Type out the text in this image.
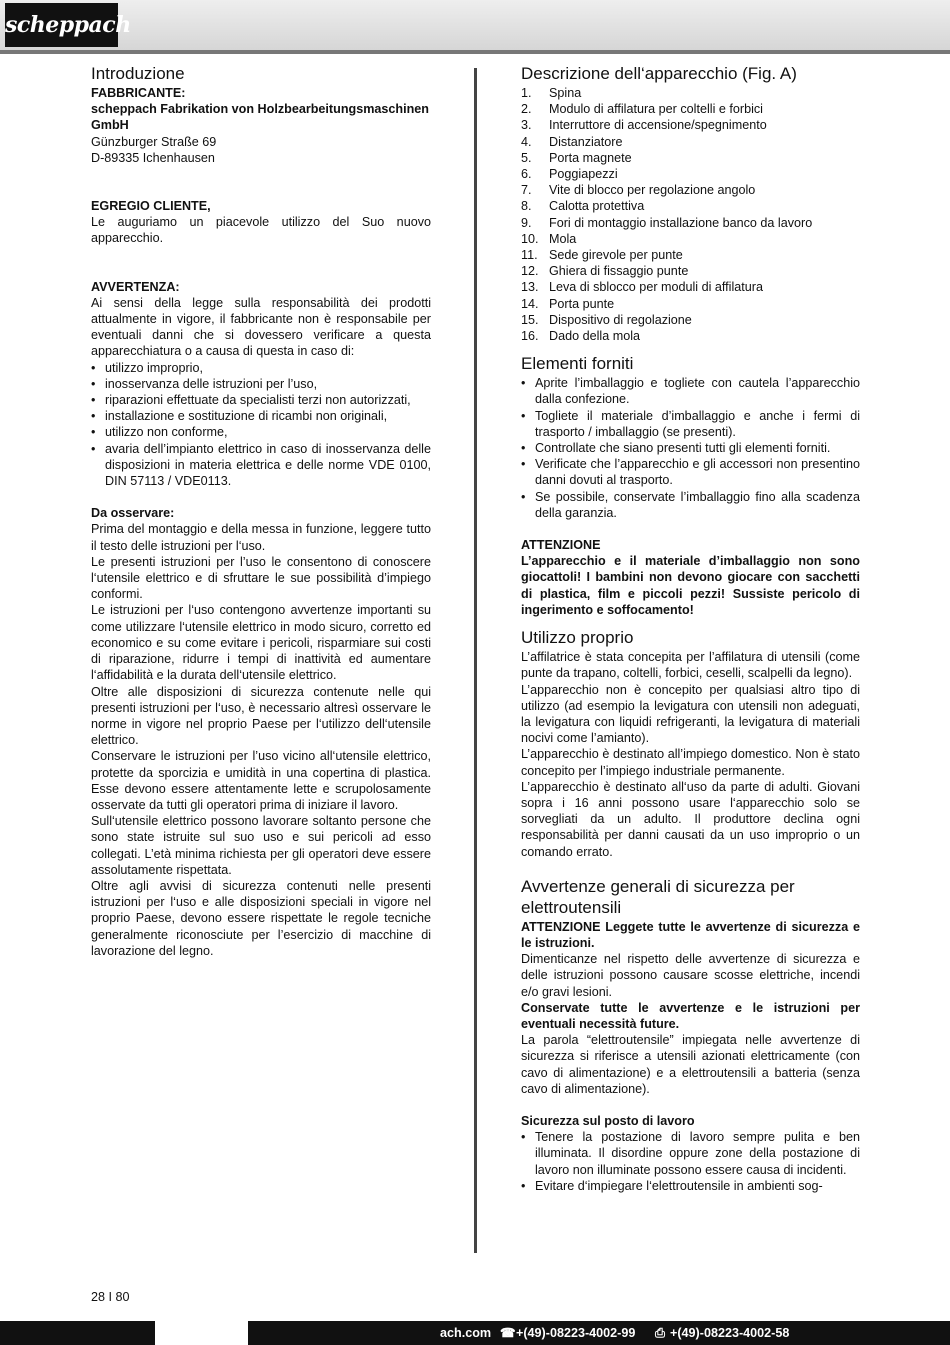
scheppach
Introduzione

FABBRICANTE:

scheppach Fabrikation von Holzbearbeitungsmaschinen GmbH

Günzburger Straße 69

D-89335 Ichenhausen

EGREGIO CLIENTE,

Le auguriamo un piacevole utilizzo del Suo nuovo apparecchio.

AVVERTENZA:

Ai sensi della legge sulla responsabilità dei prodotti attualmente in vigore, il fabbricante non è responsabile per eventuali danni che si dovessero verificare a questa apparecchiatura o a causa di questa in caso di:

• utilizzo improprio,
• inosservanza delle istruzioni per l’uso,
• riparazioni effettuate da specialisti terzi non autorizzati,
• installazione e sostituzione di ricambi non originali,
• utilizzo non conforme,
• avaria dell’impianto elettrico in caso di inosservanza delle disposizioni in materia elettrica e delle norme VDE 0100, DIN 57113 / VDE0113.

Da osservare:

Prima del montaggio e della messa in funzione, leggere tutto il testo delle istruzioni per l‘uso.

Le presenti istruzioni per l’uso le consentono di conoscere l‘utensile elettrico e di sfruttare le sue possibilità d’impiego conformi.

Le istruzioni per l‘uso contengono avvertenze importanti su come utilizzare l‘utensile elettrico in modo sicuro, corretto ed economico e su come evitare i pericoli, risparmiare sui costi di riparazione, ridurre i tempi di inattività ed aumentare l‘affidabilità e la durata dell‘utensile elettrico.

Oltre alle disposizioni di sicurezza contenute nelle qui presenti istruzioni per l‘uso, è necessario altresì osservare le norme in vigore nel proprio Paese per l‘utilizzo dell‘utensile elettrico.

Conservare le istruzioni per l’uso vicino all‘utensile elettrico, protette da sporcizia e umidità in una copertina di plastica. Esse devono essere attentamente lette e scrupolosamente osservate da tutti gli operatori prima di iniziare il lavoro.

Sull‘utensile elettrico possono lavorare soltanto persone che sono state istruite sul suo uso e sui pericoli ad esso collegati. L’età minima richiesta per gli operatori deve essere assolutamente rispettata.

Oltre agli avvisi di sicurezza contenuti nelle presenti istruzioni per l‘uso e alle disposizioni speciali in vigore nel proprio Paese, devono essere rispettate le regole tecniche generalmente riconosciute per l’esercizio di macchine di lavorazione del legno.

Descrizione dell‘apparecchio (Fig. A)
1. Spina
2. Modulo di affilatura per coltelli e forbici
3. Interruttore di accensione/spegnimento
4. Distanziatore
5. Porta magnete
6. Poggiapezzi
7. Vite di blocco per regolazione angolo
8. Calotta protettiva
9. Fori di montaggio installazione banco da lavoro
10. Mola
11. Sede girevole per punte
12. Ghiera di fissaggio punte
13. Leva di sblocco per moduli di affilatura
14. Porta punte
15. Dispositivo di regolazione
16. Dado della mola
Elementi forniti
• Aprite l’imballaggio e togliete con cautela l’apparecchio dalla confezione.
• Togliete il materiale d’imballaggio e anche i fermi di trasporto / imballaggio (se presenti).
• Controllate che siano presenti tutti gli elementi forniti.
• Verificate che l’apparecchio e gli accessori non presentino danni dovuti al trasporto.
• Se possibile, conservate l’imballaggio fino alla scadenza della garanzia.

ATTENZIONE

L’apparecchio e il materiale d’imballaggio non sono giocattoli! I bambini non devono giocare con sacchetti di plastica, film e piccoli pezzi! Sussiste pericolo di ingerimento e soffocamento!

Utilizzo proprio

L’affilatrice è stata concepita per l’affilatura di utensili (come punte da trapano, coltelli, forbici, ceselli, scalpelli da legno).

L’apparecchio non è concepito per qualsiasi altro tipo di utilizzo (ad esempio la levigatura con utensili non adeguati, la levigatura con liquidi refrigeranti, la levigatura di materiali nocivi come l’amianto).

L’apparecchio è destinato all’impiego domestico. Non è stato concepito per l’impiego industriale permanente.

L’apparecchio è destinato all‘uso da parte di adulti. Giovani sopra i 16 anni possono usare l‘apparecchio solo se sorvegliati da un adulto. Il produttore declina ogni responsabilità per danni causati da un uso improprio o un comando errato.

Avvertenze generali di sicurezza per elettroutensili

ATTENZIONE Leggete tutte le avvertenze di sicurezza e le istruzioni.

Dimenticanze nel rispetto delle avvertenze di sicurezza e delle istruzioni possono causare scosse elettriche, incendi e/o gravi lesioni.

Conservate tutte le avvertenze e le istruzioni per eventuali necessità future.

La parola “elettroutensile” impiegata nelle avvertenze di sicurezza si riferisce a utensili azionati elettricamente (con cavo di alimentazione) e a elettroutensili a batteria (senza cavo di alimentazione).

Sicurezza sul posto di lavoro

• Tenere la postazione di lavoro sempre pulita e ben illuminata. Il disordine oppure zone della postazione di lavoro non illuminate possono essere causa di incidenti.
• Evitare d‘impiegare l‘elettroutensile in ambienti sog-
28 I 80
ach.com ☎ +(49)-08223-4002-99 ⎙ +(49)-08223-4002-58
